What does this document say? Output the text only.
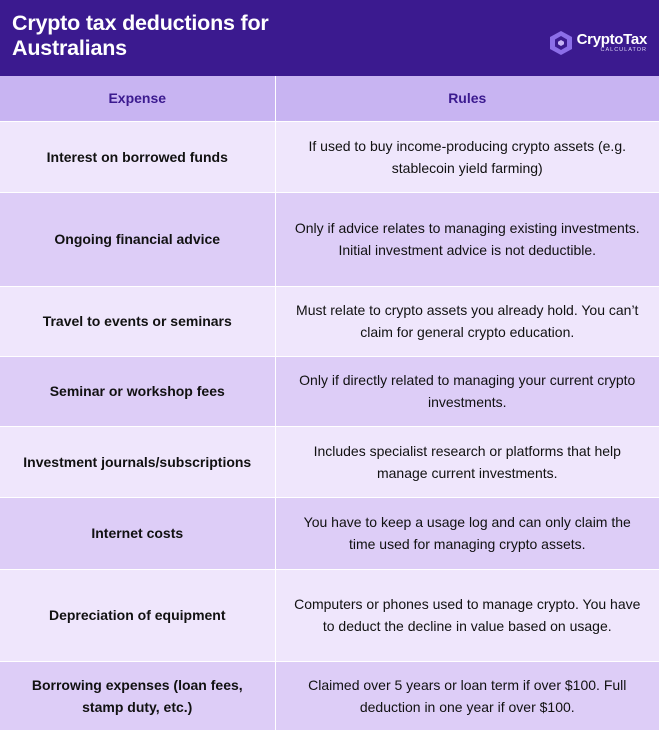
Crypto tax deductions for Australians	CryptoTax
CALCULATOR
Expense	Rules
Interest on borrowed funds	If used to buy income-producing crypto assets (e.g. stablecoin yield farming)
Ongoing financial advice	Only if advice relates to managing existing investments. Initial investment advice is not deductible.
Travel to events or seminars	Must relate to crypto assets you already hold. You can’t claim for general crypto education.
Seminar or workshop fees	Only if directly related to managing your current crypto investments.
Investment journals/subscriptions	Includes specialist research or platforms that help manage current investments.
Internet costs	You have to keep a usage log and can only claim the time used for managing crypto assets.
Depreciation of equipment	Computers or phones used to manage crypto. You have to deduct the decline in value based on usage.
Borrowing expenses (loan fees, stamp duty, etc.)	Claimed over 5 years or loan term if over $100. Full deduction in one year if over $100.
